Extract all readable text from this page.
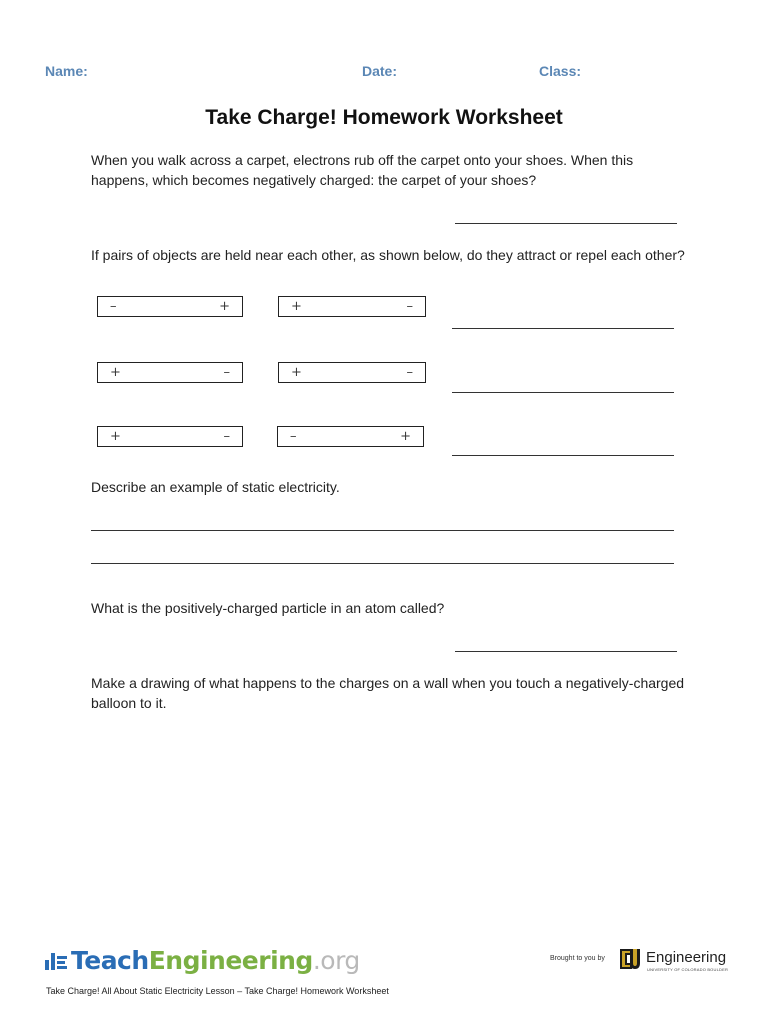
Name:	Date:	Class:
Take Charge! Homework Worksheet
When you walk across a carpet, electrons rub off the carpet onto your shoes. When this happens, which becomes negatively charged: the carpet of your shoes?
If pairs of objects are held near each other, as shown below, do they attract or repel each other?
–	+	+	–
+	–	+	–
+	–	–	+
Describe an example of static electricity.
What is the positively-charged particle in an atom called?
Make a drawing of what happens to the charges on a wall when you touch a negatively-charged balloon to it.
Teach Engineering .org	Brought to you by	Engineering
UNIVERSITY OF COLORADO BOULDER
Take Charge! All About Static Electricity Lesson – Take Charge! Homework Worksheet
